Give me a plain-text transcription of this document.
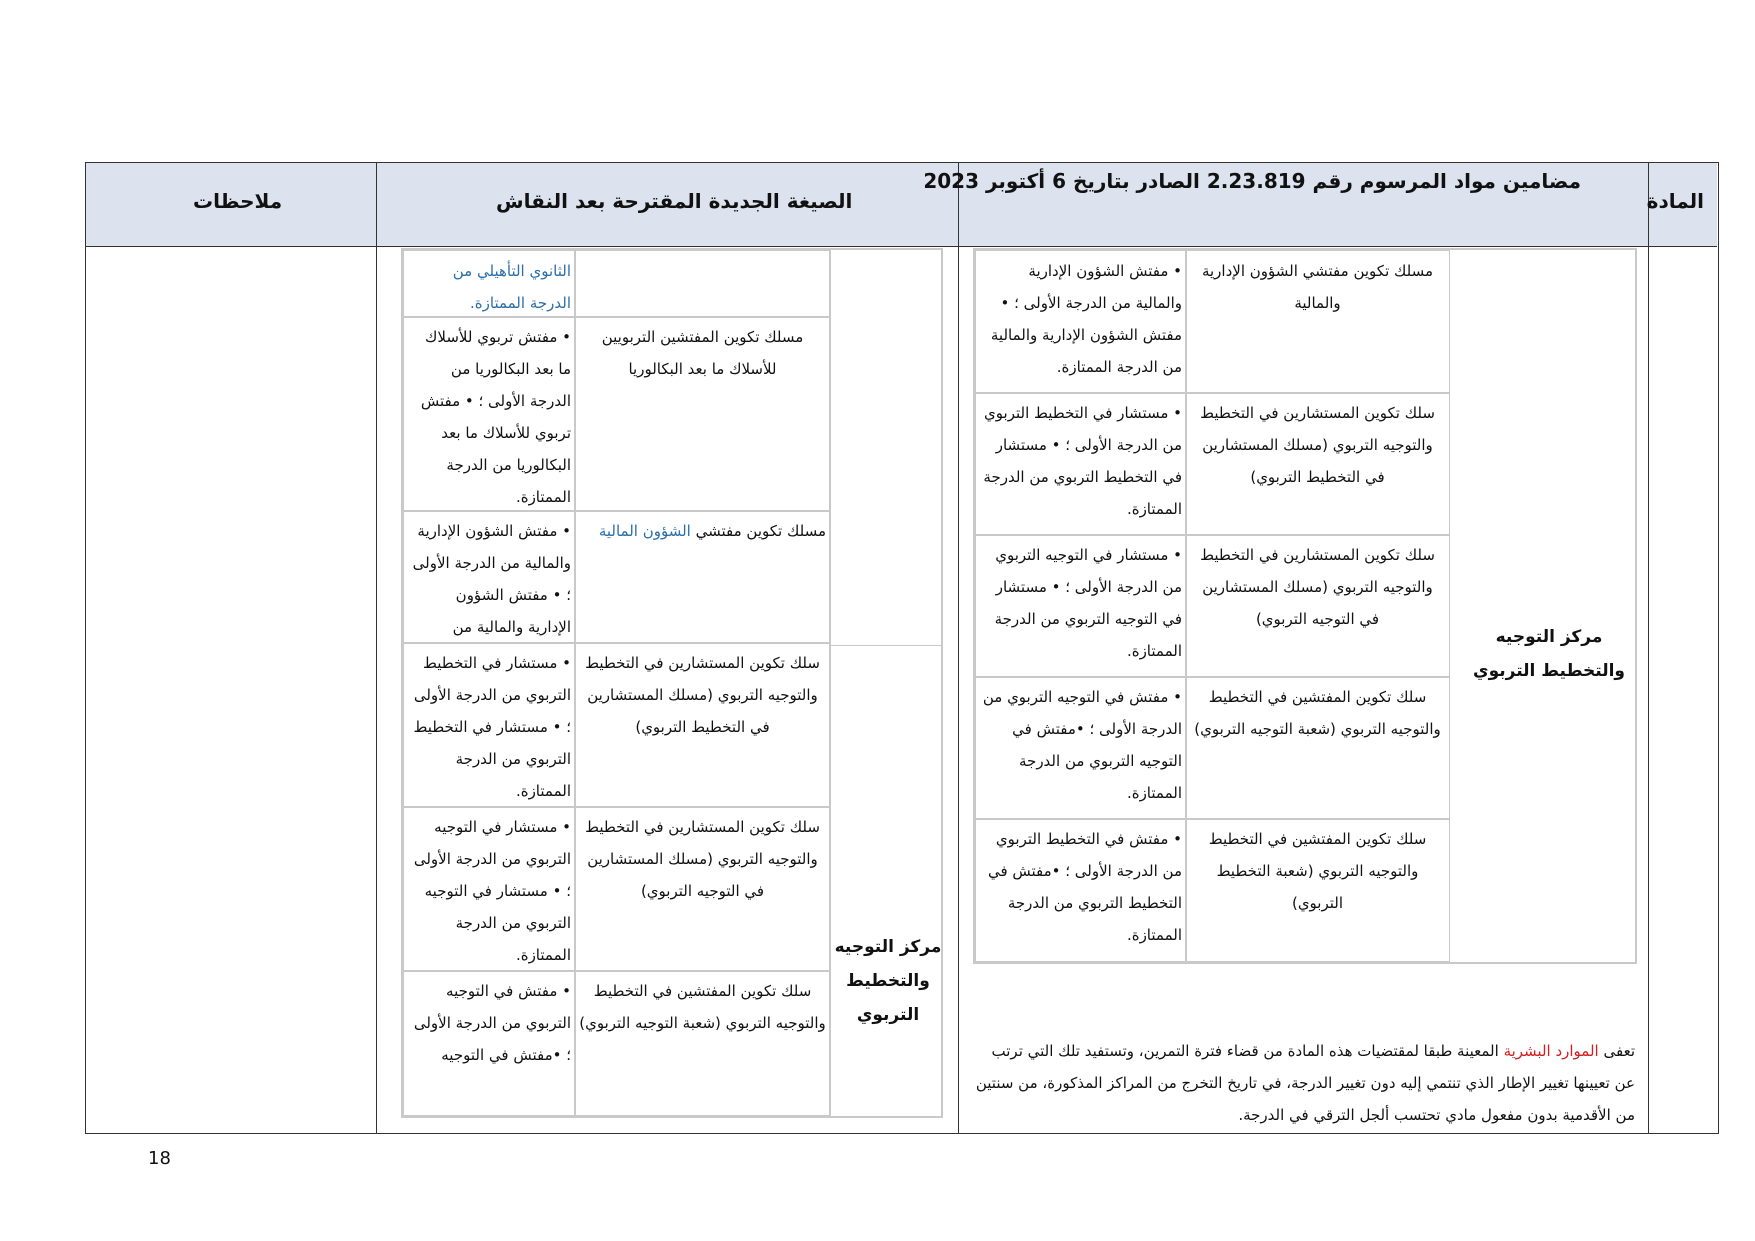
المادة
مضامين مواد المرسوم رقم 2.23.819 الصادر بتاريخ 6 أكتوبر 2023
الصيغة الجديدة المقترحة بعد النقاش
ملاحظات
مركز التوجيه والتخطيط التربوي
مسلك تكوين مفتشي الشؤون الإدارية والمالية
• مفتش الشؤون الإدارية والمالية من الدرجة الأولى ؛ • مفتش الشؤون الإدارية والمالية من الدرجة الممتازة.
سلك تكوين المستشارين في التخطيط والتوجيه التربوي (مسلك المستشارين في التخطيط التربوي)
• مستشار في التخطيط التربوي من الدرجة الأولى ؛ • مستشار في التخطيط التربوي من الدرجة الممتازة.
سلك تكوين المستشارين في التخطيط والتوجيه التربوي (مسلك المستشارين في التوجيه التربوي)
• مستشار في التوجيه التربوي من الدرجة الأولى ؛ • مستشار في التوجيه التربوي من الدرجة الممتازة.
سلك تكوين المفتشين في التخطيط والتوجيه التربوي (شعبة التوجيه التربوي)
• مفتش في التوجيه التربوي من الدرجة الأولى ؛ •مفتش في التوجيه التربوي من الدرجة الممتازة.
سلك تكوين المفتشين في التخطيط والتوجيه التربوي (شعبة التخطيط التربوي)
• مفتش في التخطيط التربوي من الدرجة الأولى ؛ •مفتش في التخطيط التربوي من الدرجة الممتازة.
تعفى الموارد البشرية المعينة طبقا لمقتضيات هذه المادة من قضاء فترة التمرين، وتستفيد تلك التي ترتب عن تعيينها تغيير الإطار الذي تنتمي إليه دون تغيير الدرجة، في تاريخ التخرج من المراكز المذكورة، من سنتين من الأقدمية بدون مفعول مادي تحتسب ألجل الترقي في الدرجة.
مركز التوجيه والتخطيط التربوي
الثانوي التأهيلي من الدرجة الممتازة.
مسلك تكوين المفتشين التربويين للأسلاك ما بعد البكالوريا
• مفتش تربوي للأسلاك ما بعد البكالوريا من الدرجة الأولى ؛ • مفتش تربوي للأسلاك ما بعد البكالوريا من الدرجة الممتازة.
مسلك تكوين مفتشي الشؤون المالية
• مفتش الشؤون الإدارية والمالية من الدرجة الأولى ؛ • مفتش الشؤون الإدارية والمالية من
سلك تكوين المستشارين في التخطيط والتوجيه التربوي (مسلك المستشارين في التخطيط التربوي)
• مستشار في التخطيط التربوي من الدرجة الأولى ؛ • مستشار في التخطيط التربوي من الدرجة الممتازة.
سلك تكوين المستشارين في التخطيط والتوجيه التربوي (مسلك المستشارين في التوجيه التربوي)
• مستشار في التوجيه التربوي من الدرجة الأولى ؛ • مستشار في التوجيه التربوي من الدرجة الممتازة.
سلك تكوين المفتشين في التخطيط والتوجيه التربوي (شعبة التوجيه التربوي)
• مفتش في التوجيه التربوي من الدرجة الأولى ؛ •مفتش في التوجيه
18
